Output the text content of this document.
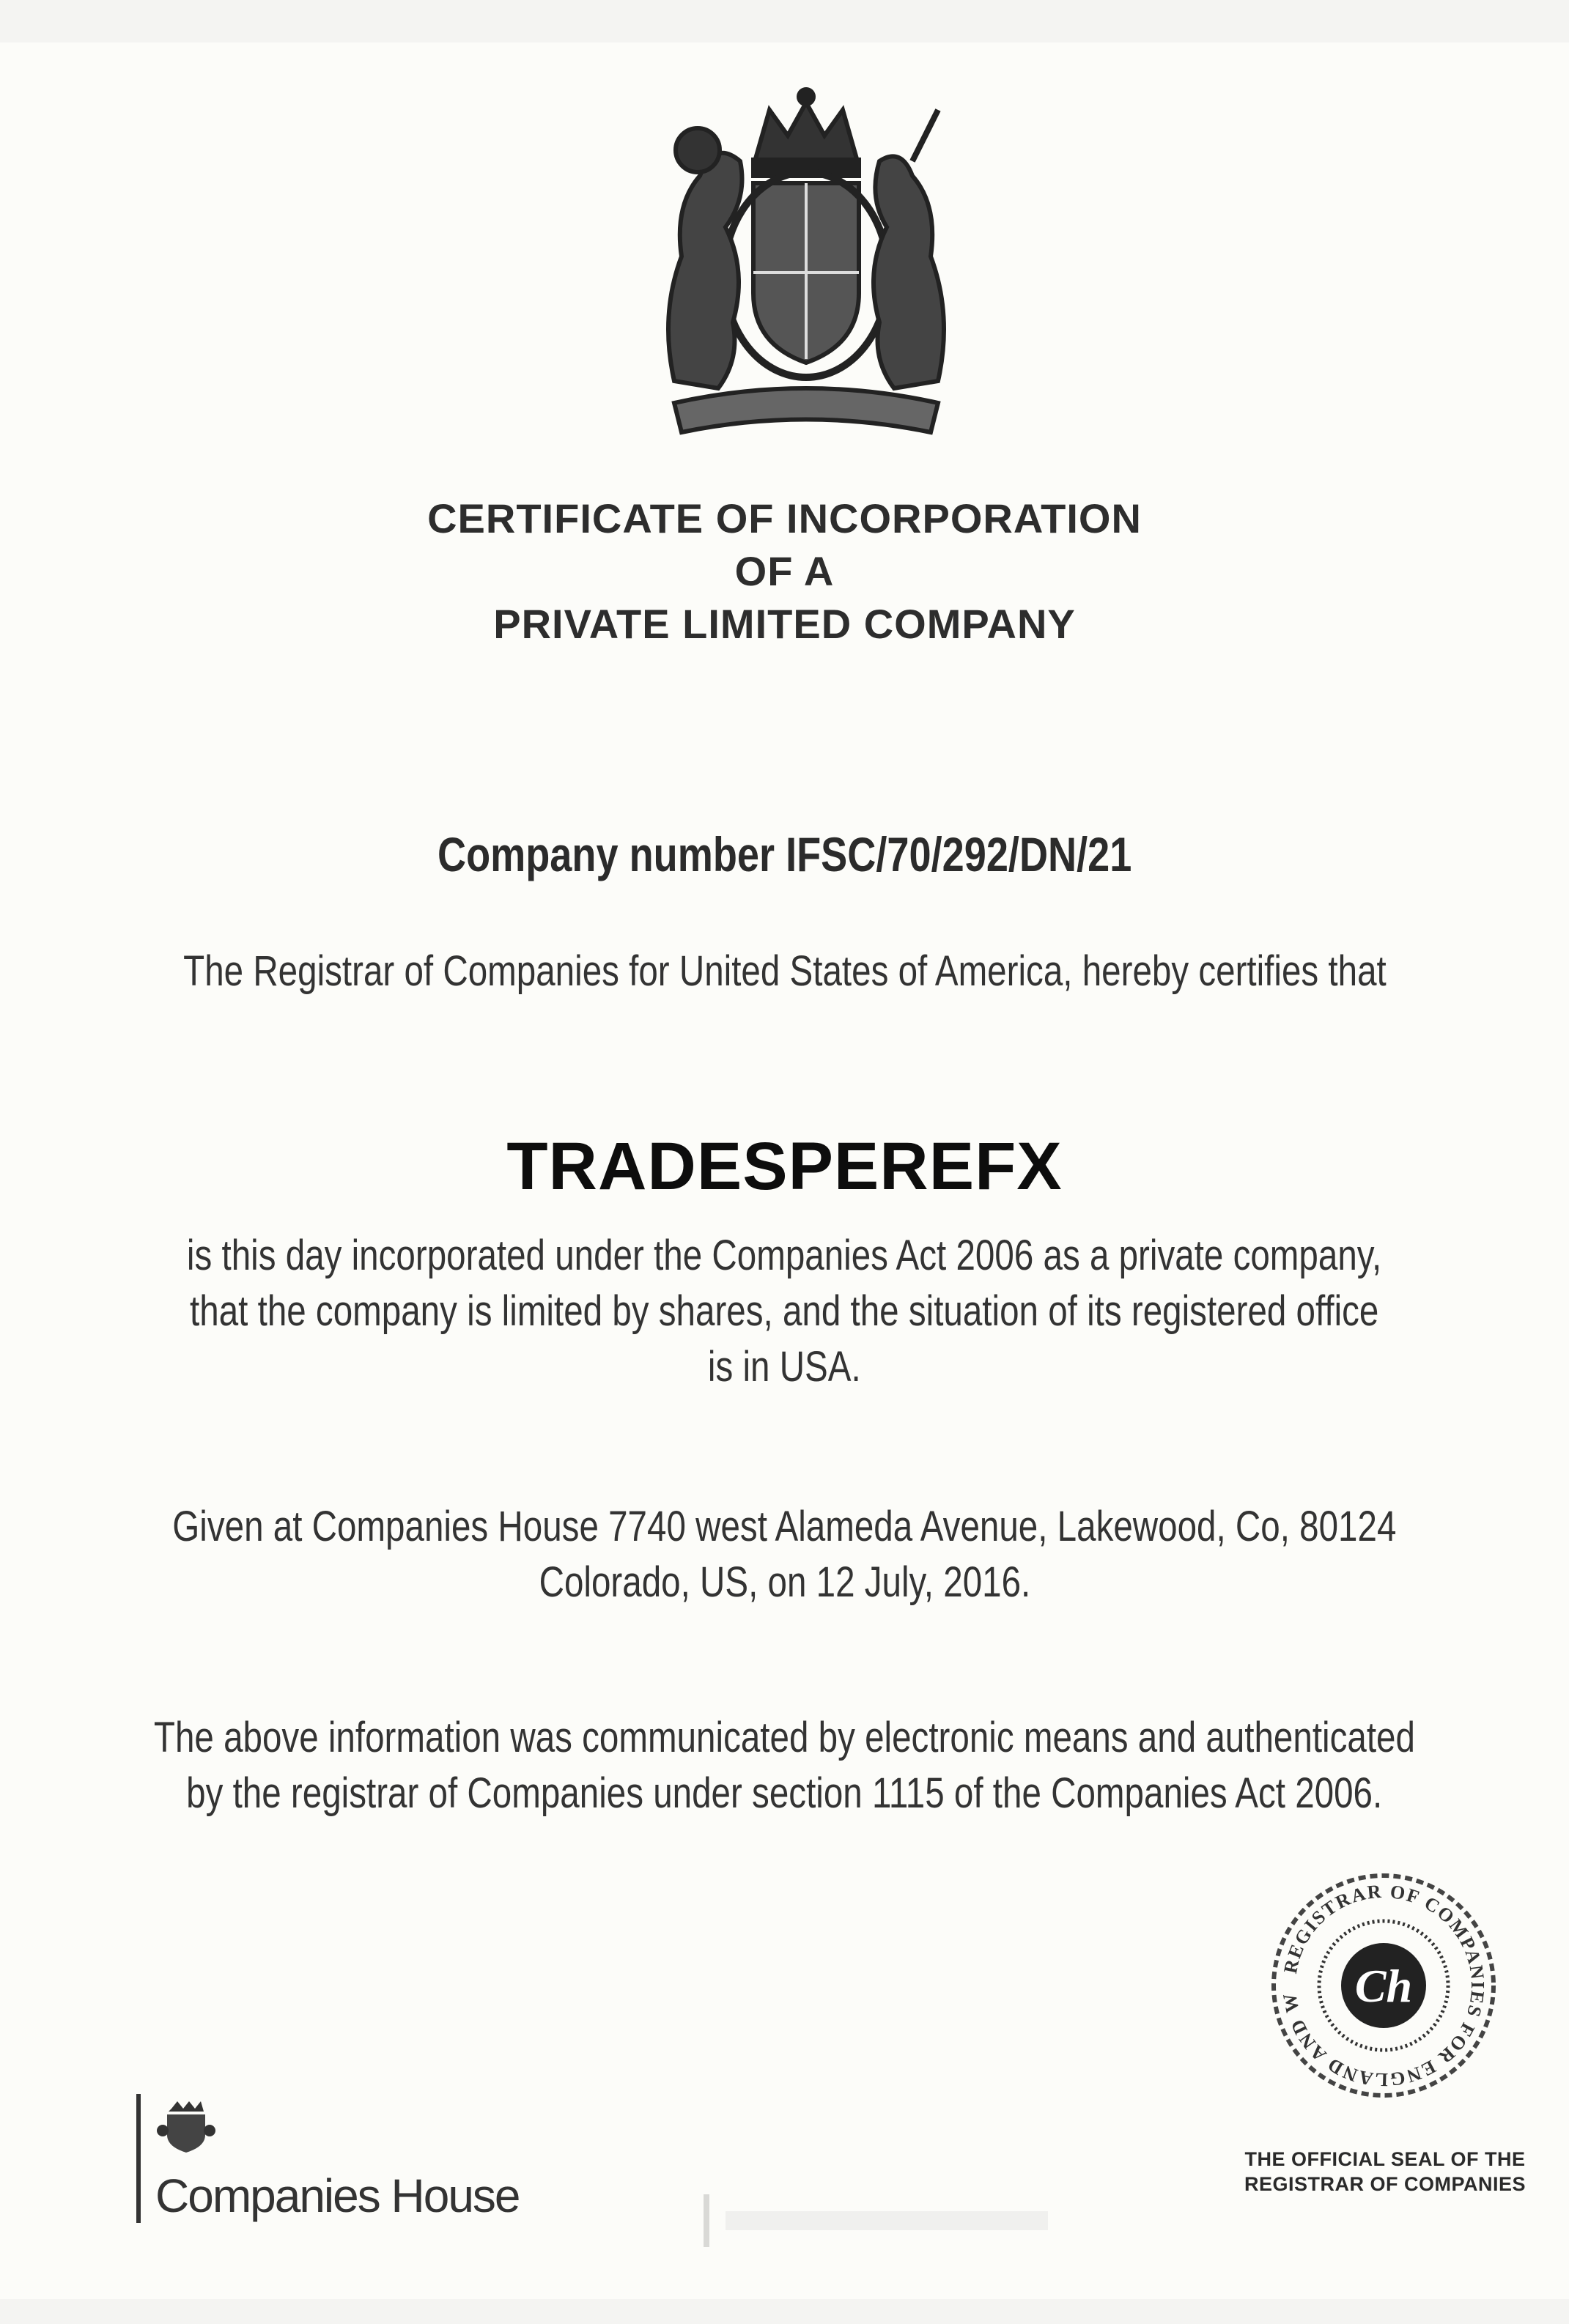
CERTIFICATE OF INCORPORATION
OF A
PRIVATE LIMITED COMPANY
Company number IFSC/70/292/DN/21
The Registrar of Companies for United States of America, hereby certifies that
TRADESPEREFX
is this day incorporated under the Companies Act 2006 as a private company,
that the company is limited by shares, and the situation of its registered office
is in USA.
Given at Companies House 7740 west Alameda Avenue, Lakewood, Co, 80124
Colorado, US, on 12 July, 2016.
The above information was communicated by electronic means and authenticated
by the registrar of Companies under section 1115 of the Companies Act 2006.
Ch
REGISTRAR OF COMPANIES FOR ENGLAND AND W
THE OFFICIAL SEAL OF THE
REGISTRAR OF COMPANIES
Companies House
